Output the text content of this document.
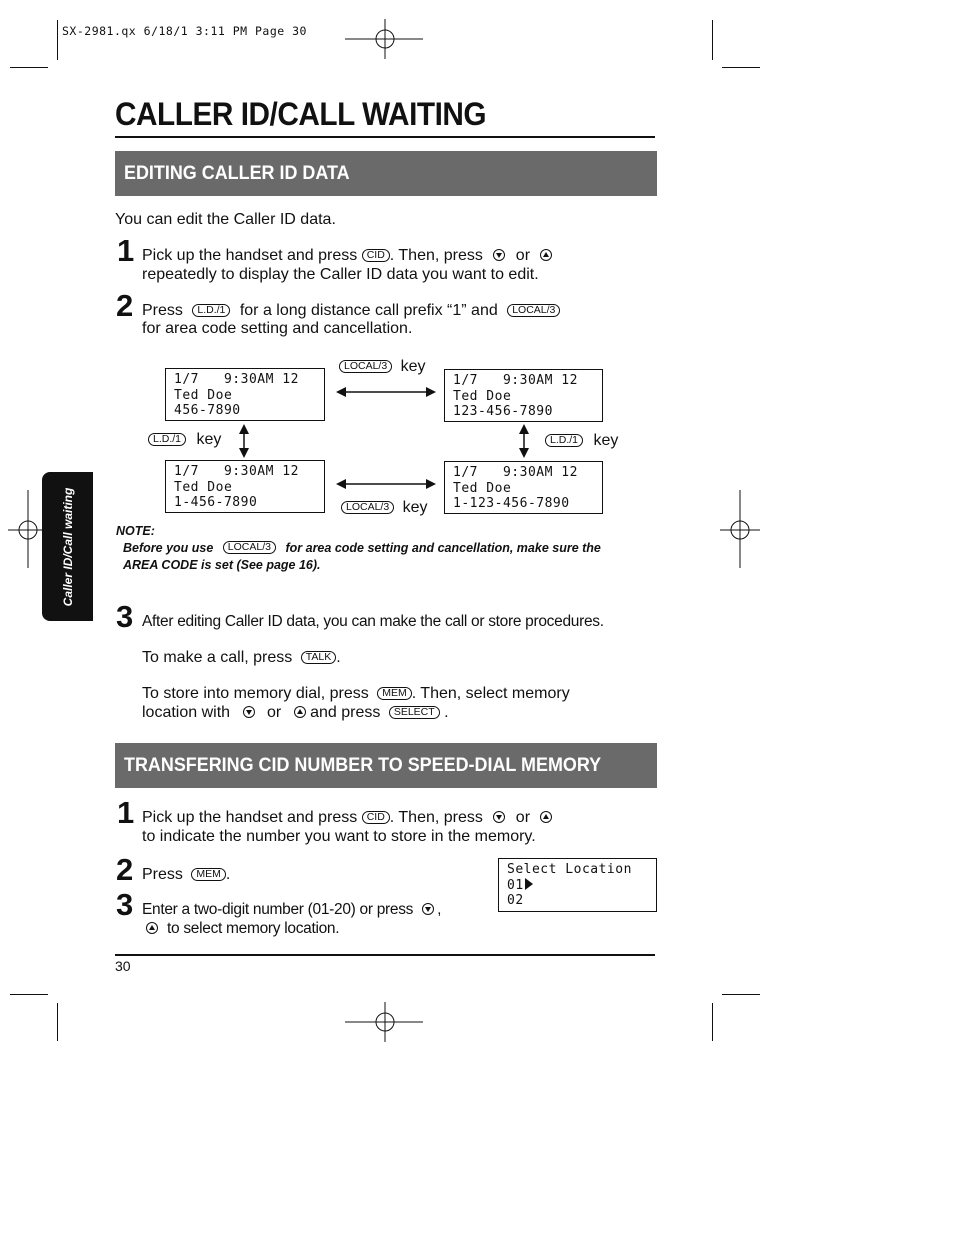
SX-2981.qx 6/18/1 3:11 PM Page 30
Caller ID/Call waiting
CALLER ID/CALL WAITING
EDITING CALLER ID DATA
You can edit the Caller ID data.
1 Pick up the handset and press CID . Then, press or
repeatedly to display the Caller ID data you want to edit.
2 Press L.D./1 for a long distance call prefix “1” and LOCAL/3
for area code setting and cancellation.
1/7   9:30AM 12
Ted Doe
456-7890
1/7   9:30AM 12
Ted Doe
123-456-7890
1/7   9:30AM 12
Ted Doe
1-456-7890
1/7   9:30AM 12
Ted Doe
1-123-456-7890
LOCAL/3 key
LOCAL/3 key
L.D./1 key	L.D./1 key
NOTE:
Before you use LOCAL/3 for area code setting and cancellation, make sure the
AREA CODE is set (See page 16).
3 After editing Caller ID data, you can make the call or store procedures.
To make a call, press TALK .
To store into memory dial, press MEM . Then, select memory
location with or and press SELECT .
TRANSFERING CID NUMBER TO SPEED-DIAL MEMORY
1 Pick up the handset and press CID . Then, press or
to indicate the number you want to store in the memory.
2 Press MEM .
3 Enter a two-digit number (01-20) or press ,
to select memory location.
Select Location
01
02
30
